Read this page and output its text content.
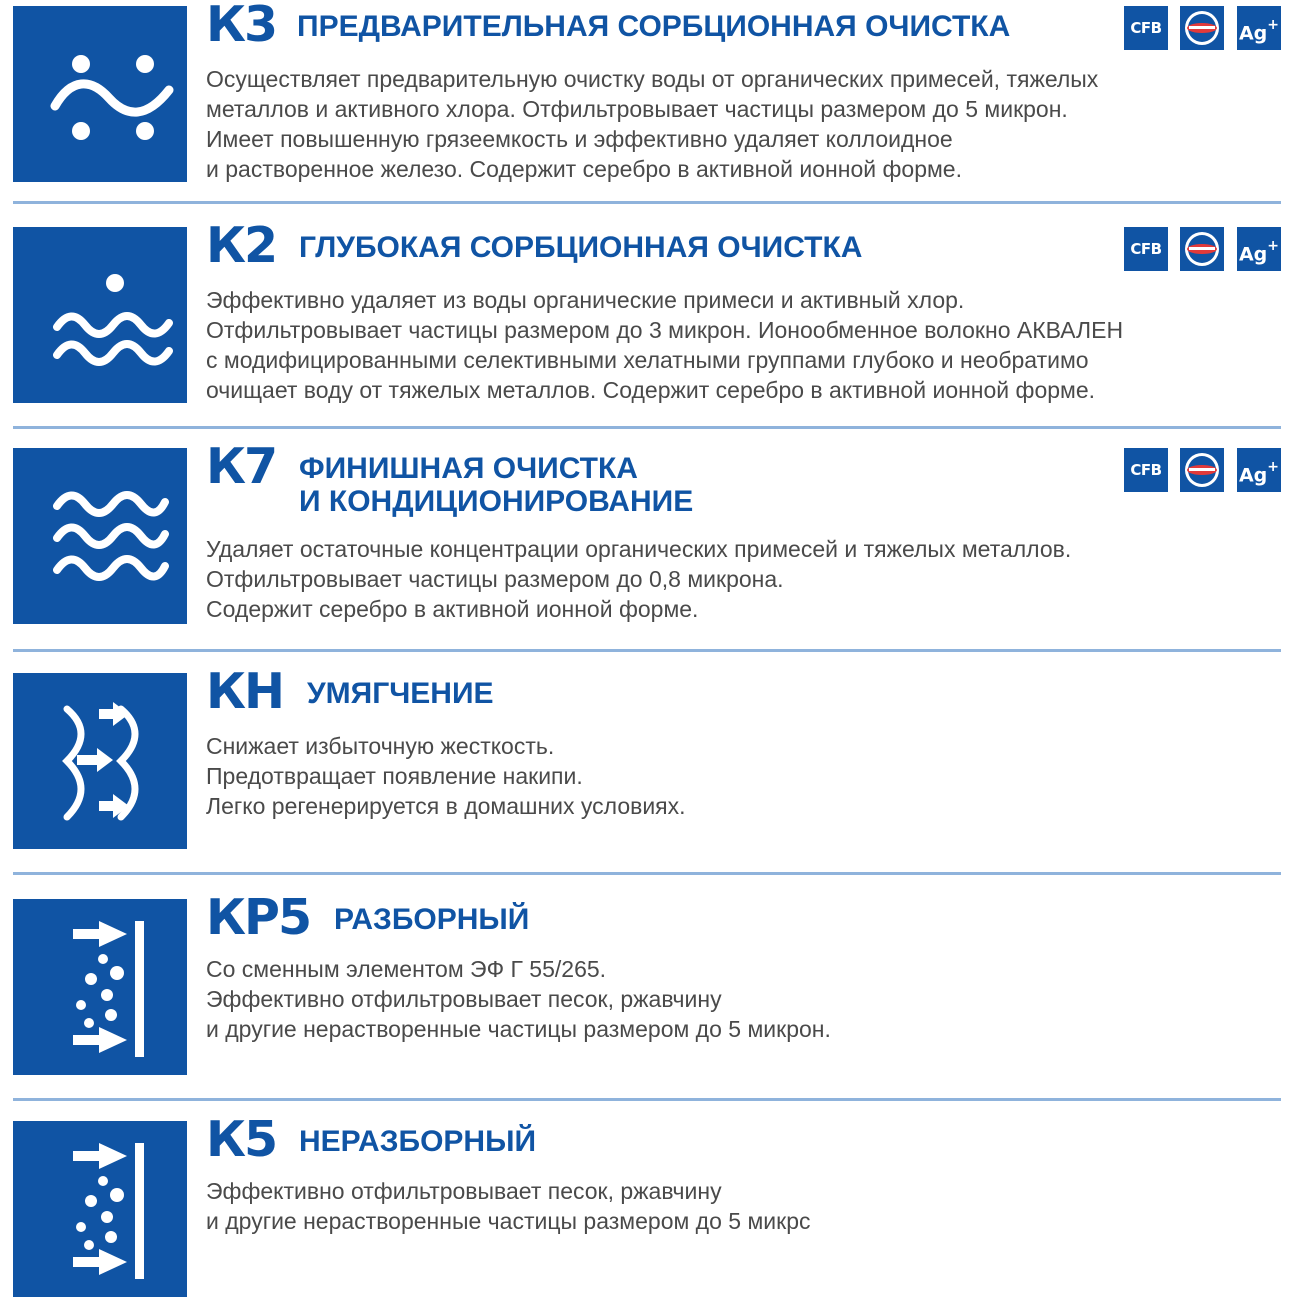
К3 ПРЕДВАРИТЕЛЬНАЯ СОРБЦИОННАЯ ОЧИСТКА	CFB	Ag+
Осуществляет предварительную очистку воды от органических примесей, тяжелых
металлов и активного хлора. Отфильтровывает частицы размером до 5 микрон.
Имеет повышенную грязеемкость и эффективно удаляет коллоидное
и растворенное железо. Содержит серебро в активной ионной форме.
К2 ГЛУБОКАЯ СОРБЦИОННАЯ ОЧИСТКА	CFB	Ag+
Эффективно удаляет из воды органические примеси и активный хлор.
Отфильтровывает частицы размером до 3 микрон. Ионообменное волокно АКВАЛЕН
с модифицированными селективными хелатными группами глубоко и необратимо
очищает воду от тяжелых металлов. Содержит серебро в активной ионной форме.
К7 ФИНИШНАЯ ОЧИСТКА
И КОНДИЦИОНИРОВАНИЕ
CFB	Ag+
Удаляет остаточные концентрации органических примесей и тяжелых металлов.
Отфильтровывает частицы размером до 0,8 микрона.
Содержит серебро в активной ионной форме.
КН УМЯГЧЕНИЕ
Снижает избыточную жесткость.
Предотвращает появление накипи.
Легко регенерируется в домашних условиях.
КР5 РАЗБОРНЫЙ
Со сменным элементом ЭФ Г 55/265.
Эффективно отфильтровывает песок, ржавчину
и другие нерастворенные частицы размером до 5 микрон.
К5 НЕРАЗБОРНЫЙ
Эффективно отфильтровывает песок, ржавчину
и другие нерастворенные частицы размером до 5 микрс
